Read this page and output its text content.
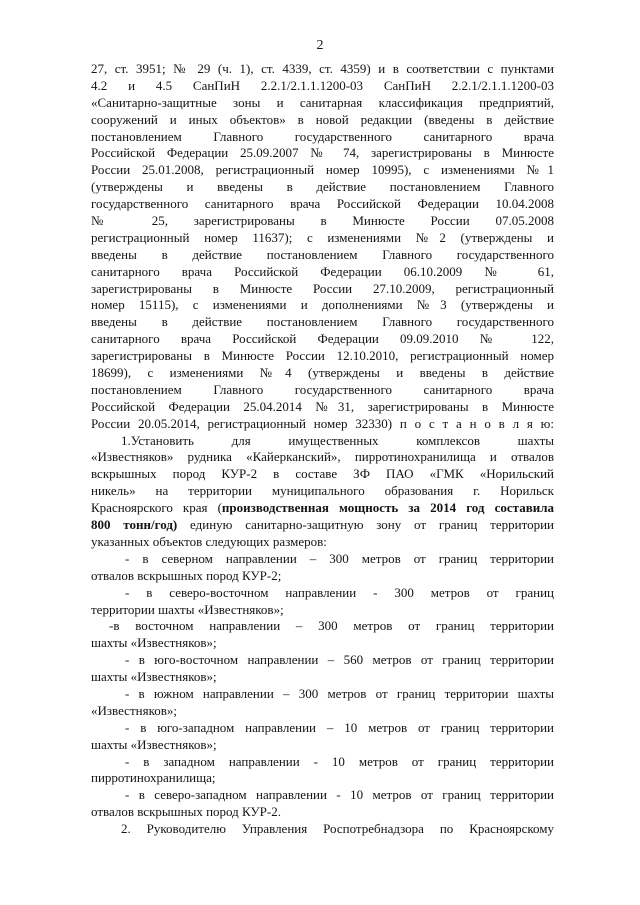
2
27, ст. 3951; № 29 (ч. 1), ст. 4339, ст. 4359) и в соответствии с пунктами
4.2 и 4.5 СанПиН 2.2.1/2.1.1.1200-03 СанПиН 2.2.1/2.1.1.1200-03
«Санитарно-защитные зоны и санитарная классификация предприятий,
сооружений и иных объектов» в новой редакции (введены в действие
постановлением Главного государственного санитарного врача
Российской Федерации 25.09.2007 № 74, зарегистрированы в Минюсте
России 25.01.2008, регистрационный номер 10995), с изменениями №1
(утверждены и введены в действие постановлением Главного
государственного санитарного врача Российской Федерации 10.04.2008
№ 25, зарегистрированы в Минюсте России 07.05.2008
регистрационный номер 11637); с изменениями №2 (утверждены и
введены в действие постановлением Главного государственного
санитарного врача Российской Федерации 06.10.2009 № 61,
зарегистрированы в Минюсте России 27.10.2009, регистрационный
номер 15115), с изменениями и дополнениями №3 (утверждены и
введены в действие постановлением Главного государственного
санитарного врача Российской Федерации 09.09.2010 № 122,
зарегистрированы в Минюсте России 12.10.2010, регистрационный номер
18699), с изменениями №4 (утверждены и введены в действие
постановлением Главного государственного санитарного врача
Российской Федерации 25.04.2014 №31, зарегистрированы в Минюсте
России 20.05.2014, регистрационный номер 32330) п о с т а н о в л я ю:
1.Установить для имущественных комплексов шахты
«Известняков» рудника «Кайерканский», пирротинохранилища и отвалов
вскрышных пород КУР-2 в составе ЗФ ПАО «ГМК «Норильский
никель» на территории муниципального образования г. Норильск
Красноярского края (производственная мощность за 2014 год составила
800 тонн/год) единую санитарно-защитную зону от границ территории
указанных объектов следующих размеров:
- в северном направлении – 300 метров от границ территории
отвалов вскрышных пород КУР-2;
- в северо-восточном направлении - 300 метров от границ
территории шахты «Известняков»;
-в восточном направлении – 300 метров от границ территории
шахты «Известняков»;
- в юго-восточном направлении – 560 метров от границ территории
шахты «Известняков»;
- в южном направлении – 300 метров от границ территории шахты
«Известняков»;
- в юго-западном направлении – 10 метров от границ территории
шахты «Известняков»;
- в западном направлении - 10 метров от границ территории
пирротинохранилища;
- в северо-западном направлении - 10 метров от границ территории
отвалов вскрышных пород КУР-2.
2. Руководителю Управления Роспотребнадзора по Красноярскому
